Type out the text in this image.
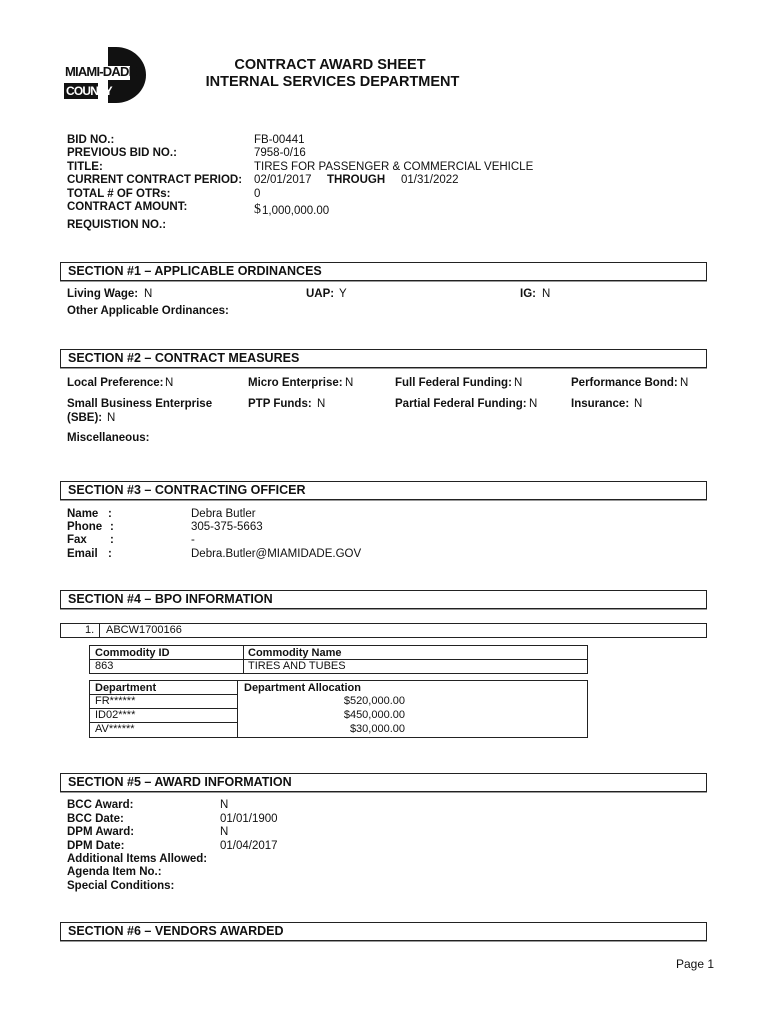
MIAMI-DADE
COUNTY
CONTRACT AWARD SHEET
INTERNAL SERVICES DEPARTMENT
BID NO.:	FB-00441
PREVIOUS BID NO.:	7958-0/16
TITLE:	TIRES FOR PASSENGER & COMMERCIAL VEHICLE
CURRENT CONTRACT PERIOD: 02/01/2017 THROUGH 01/31/2022
TOTAL # OF OTRs:	0
CONTRACT AMOUNT:	$ 1,000,000.00
REQUISTION NO.:
SECTION #1 – APPLICABLE ORDINANCES
Living Wage: N	UAP: Y	IG: N
Other Applicable Ordinances:
SECTION #2 – CONTRACT MEASURES
Local Preference: N	Micro Enterprise: N	Full Federal Funding: N	Performance Bond: N
Small Business Enterprise
(SBE): N
PTP Funds: N	Partial Federal Funding: N	Insurance: N
Miscellaneous:
SECTION #3 – CONTRACTING OFFICER
Name :	Debra Butler
Phone :	305-375-5663
Fax :	-
Email :	Debra.Butler@MIAMIDADE.GOV
SECTION #4 – BPO INFORMATION
1. ABCW1700166
Commodity ID	Commodity Name
863	TIRES AND TUBES
Department	Department Allocation
FR******	$520,000.00
ID02****	$450,000.00
AV******	$30,000.00
SECTION #5 – AWARD INFORMATION
BCC Award:	N
BCC Date:	01/01/1900
DPM Award:	N
DPM Date:	01/04/2017
Additional Items Allowed:
Agenda Item No.:
Special Conditions:
SECTION #6 – VENDORS AWARDED
Page 1
